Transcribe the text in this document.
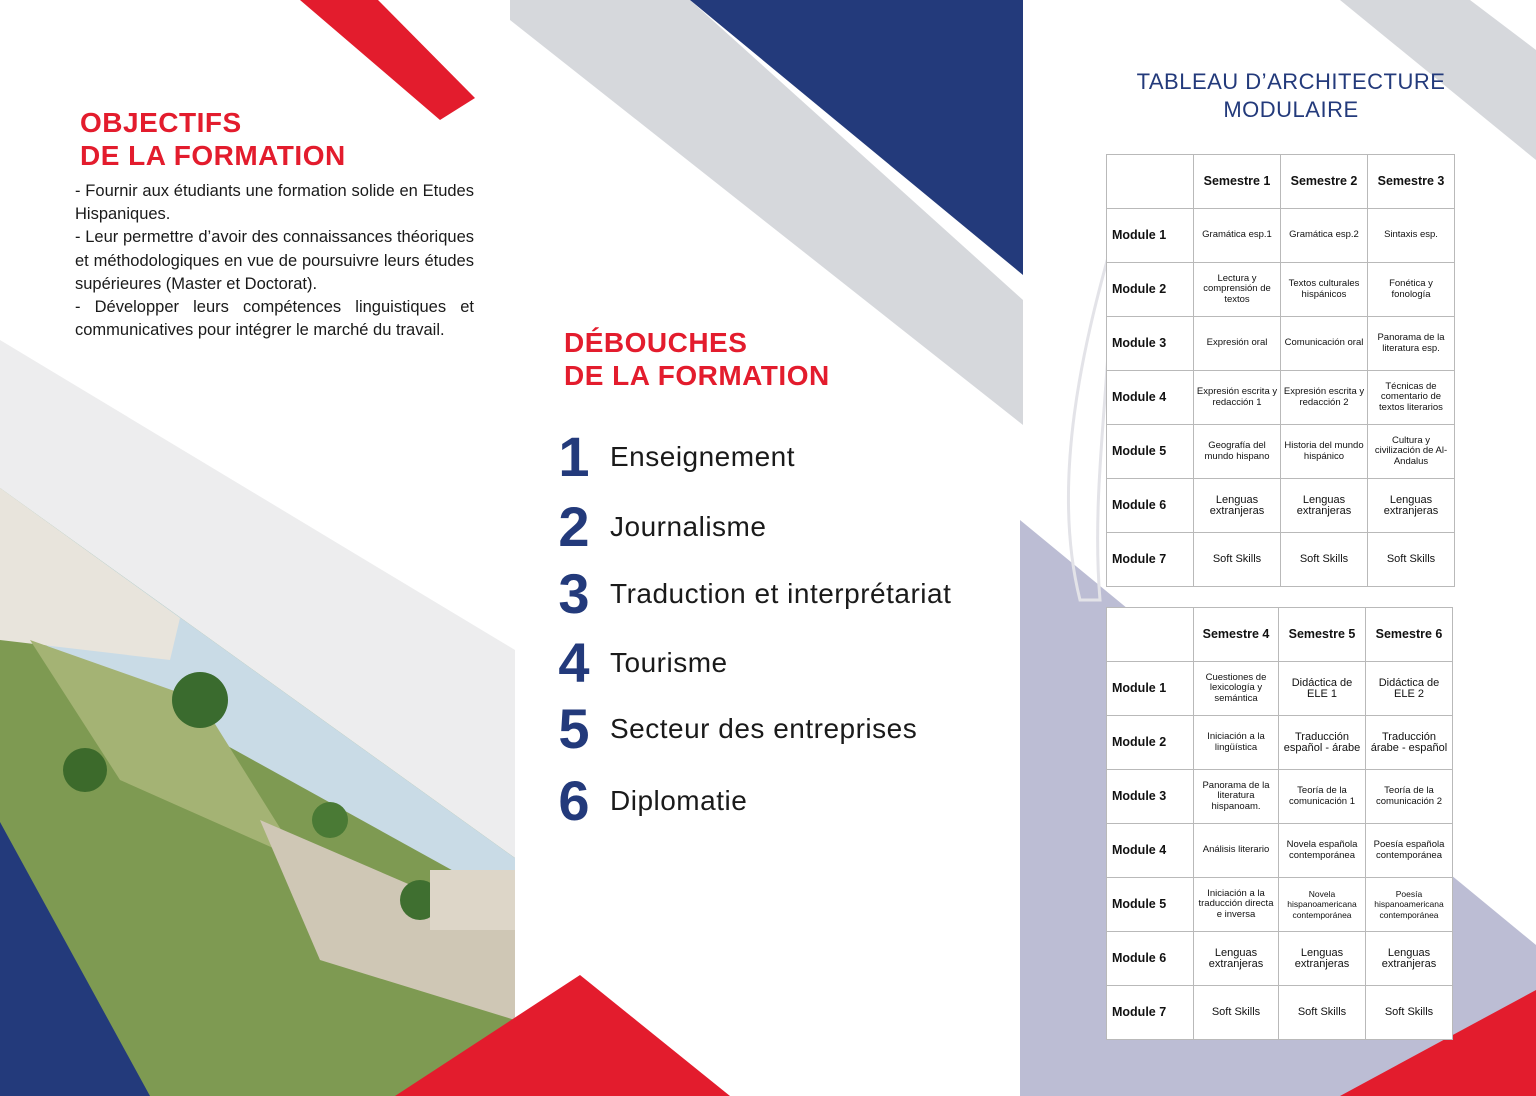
OBJECTIFS
DE LA FORMATION

- Fournir aux étudiants une formation solide en Etudes Hispaniques.

- Leur permettre d’avoir des connaissances théoriques et méthodologiques en vue de poursuivre leurs études supérieures (Master et Doctorat).

- Développer leurs compétences linguistiques et communicatives pour intégrer le marché du travail.	DÉBOUCHES
DE LA FORMATION
1 Enseignement
2 Journalisme
3 Traduction et interprétariat
4 Tourisme
5 Secteur des entreprises
6 Diplomatie
TABLEAU D’ARCHITECTURE
MODULAIRE
	Semestre 1	Semestre 2	Semestre 3
Module 1	Gramática esp.1	Gramática esp.2	Sintaxis esp.
Module 2	Lectura y comprensión de textos	Textos culturales hispánicos	Fonética y fonología
Module 3	Expresión oral	Comunicación oral	Panorama de la literatura esp.
Module 4	Expresión escrita y redacción 1	Expresión escrita y redacción 2	Técnicas de comentario de textos literarios
Module 5	Geografía del mundo hispano	Historia del mundo hispánico	Cultura y civilización de Al-Andalus
Module 6	Lenguas extranjeras	Lenguas extranjeras	Lenguas extranjeras
Module 7	Soft Skills	Soft Skills	Soft Skills
	Semestre 4	Semestre 5	Semestre 6
Module 1	Cuestiones de lexicología y semántica	Didáctica de ELE 1	Didáctica de ELE 2
Module 2	Iniciación a la lingüística	Traducción español - árabe	Traducción árabe - español
Module 3	Panorama de la literatura hispanoam.	Teoría de la comunicación 1	Teoría de la comunicación 2
Module 4	Análisis literario	Novela española contemporánea	Poesía española contemporánea
Module 5	Iniciación a la traducción directa e inversa	Novela hispanoamericana contemporánea	Poesía hispanoamericana contemporánea
Module 6	Lenguas extranjeras	Lenguas extranjeras	Lenguas extranjeras
Module 7	Soft Skills	Soft Skills	Soft Skills
